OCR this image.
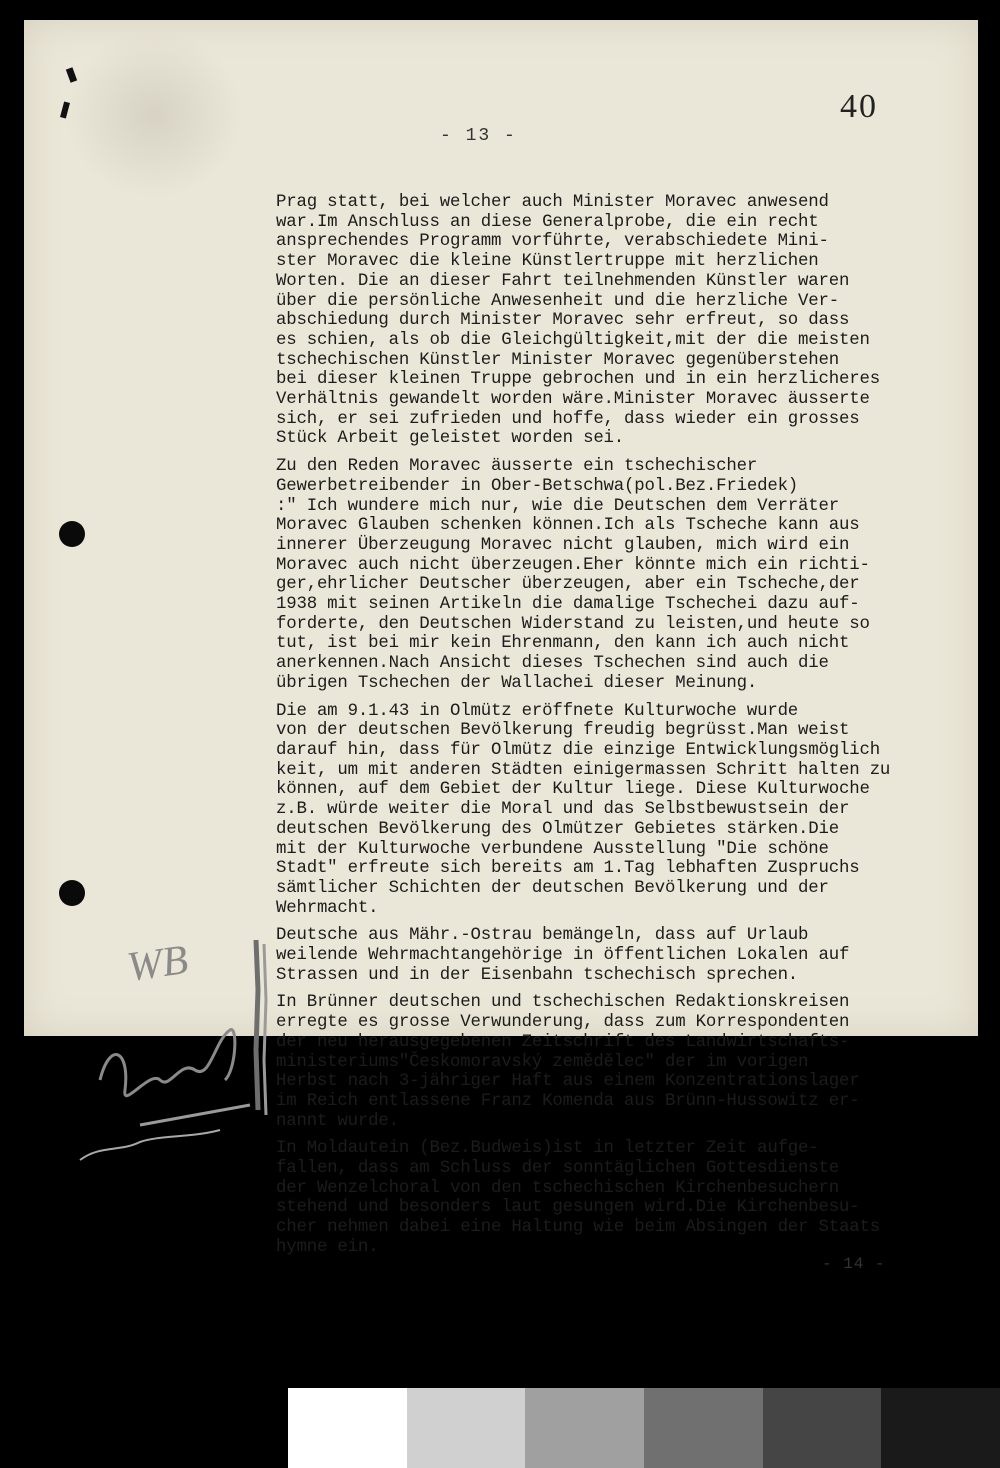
40
- 13 -

Prag statt, bei welcher auch Minister Moravec anwesend
war.Im Anschluss an diese Generalprobe, die ein recht
ansprechendes Programm vorführte, verabschiedete Mini-
ster Moravec die kleine Künstlertruppe mit herzlichen
Worten. Die an dieser Fahrt teilnehmenden Künstler waren
über die persönliche Anwesenheit und die herzliche Ver-
abschiedung durch Minister Moravec sehr erfreut, so dass
es schien, als ob die Gleichgültigkeit,mit der die meisten
tschechischen Künstler Minister Moravec gegenüberstehen
bei dieser kleinen Truppe gebrochen und in ein herzlicheres
Verhältnis gewandelt worden wäre.Minister Moravec äusserte
sich, er sei zufrieden und hoffe, dass wieder ein grosses
Stück Arbeit geleistet worden sei.

Zu den Reden Moravec äusserte ein tschechischer
Gewerbetreibender in Ober-Betschwa(pol.Bez.Friedek)
:" Ich wundere mich nur, wie die Deutschen dem Verräter
Moravec Glauben schenken können.Ich als Tscheche kann aus
innerer Überzeugung Moravec nicht glauben, mich wird ein
Moravec auch nicht überzeugen.Eher könnte mich ein richti-
ger,ehrlicher Deutscher überzeugen, aber ein Tscheche,der
1938 mit seinen Artikeln die damalige Tschechei dazu auf-
forderte, den Deutschen Widerstand zu leisten,und heute so
tut, ist bei mir kein Ehrenmann, den kann ich auch nicht
anerkennen.Nach Ansicht dieses Tschechen sind auch die
übrigen Tschechen der Wallachei dieser Meinung.

Die am 9.1.43 in Olmütz eröffnete Kulturwoche wurde
von der deutschen Bevölkerung freudig begrüsst.Man weist
darauf hin, dass für Olmütz die einzige Entwicklungsmöglich
keit, um mit anderen Städten einigermassen Schritt halten zu
können, auf dem Gebiet der Kultur liege. Diese Kulturwoche
z.B. würde weiter die Moral und das Selbstbewustsein der
deutschen Bevölkerung des Olmützer Gebietes stärken.Die
mit der Kulturwoche verbundene Ausstellung "Die schöne
Stadt" erfreute sich bereits am 1.Tag lebhaften Zuspruchs
sämtlicher Schichten der deutschen Bevölkerung und der
Wehrmacht.

Deutsche aus Mähr.-Ostrau bemängeln, dass auf Urlaub
weilende Wehrmachtangehörige in öffentlichen Lokalen auf
Strassen und in der Eisenbahn tschechisch sprechen.

In Brünner deutschen und tschechischen Redaktionskreisen
erregte es grosse Verwunderung, dass zum Korrespondenten
der neu herausgegebenen Zeitschrift des Landwirtschafts-
ministeriums"Českomoravský zemědělec" der im vorigen
Herbst nach 3-jähriger Haft aus einem Konzentrationslager
im Reich entlassene Franz Komenda aus Brünn-Hussowitz er-
nannt wurde.

In Moldautein (Bez.Budweis)ist in letzter Zeit aufge-
fallen, dass am Schluss der sonntäglichen Gottesdienste
der Wenzelchoral von den tschechischen Kirchenbesuchern
stehend und besonders laut gesungen wird.Die Kirchenbesu-
cher nehmen dabei eine Haltung wie beim Absingen der Staats
hymne ein.

- 14 -
WB
